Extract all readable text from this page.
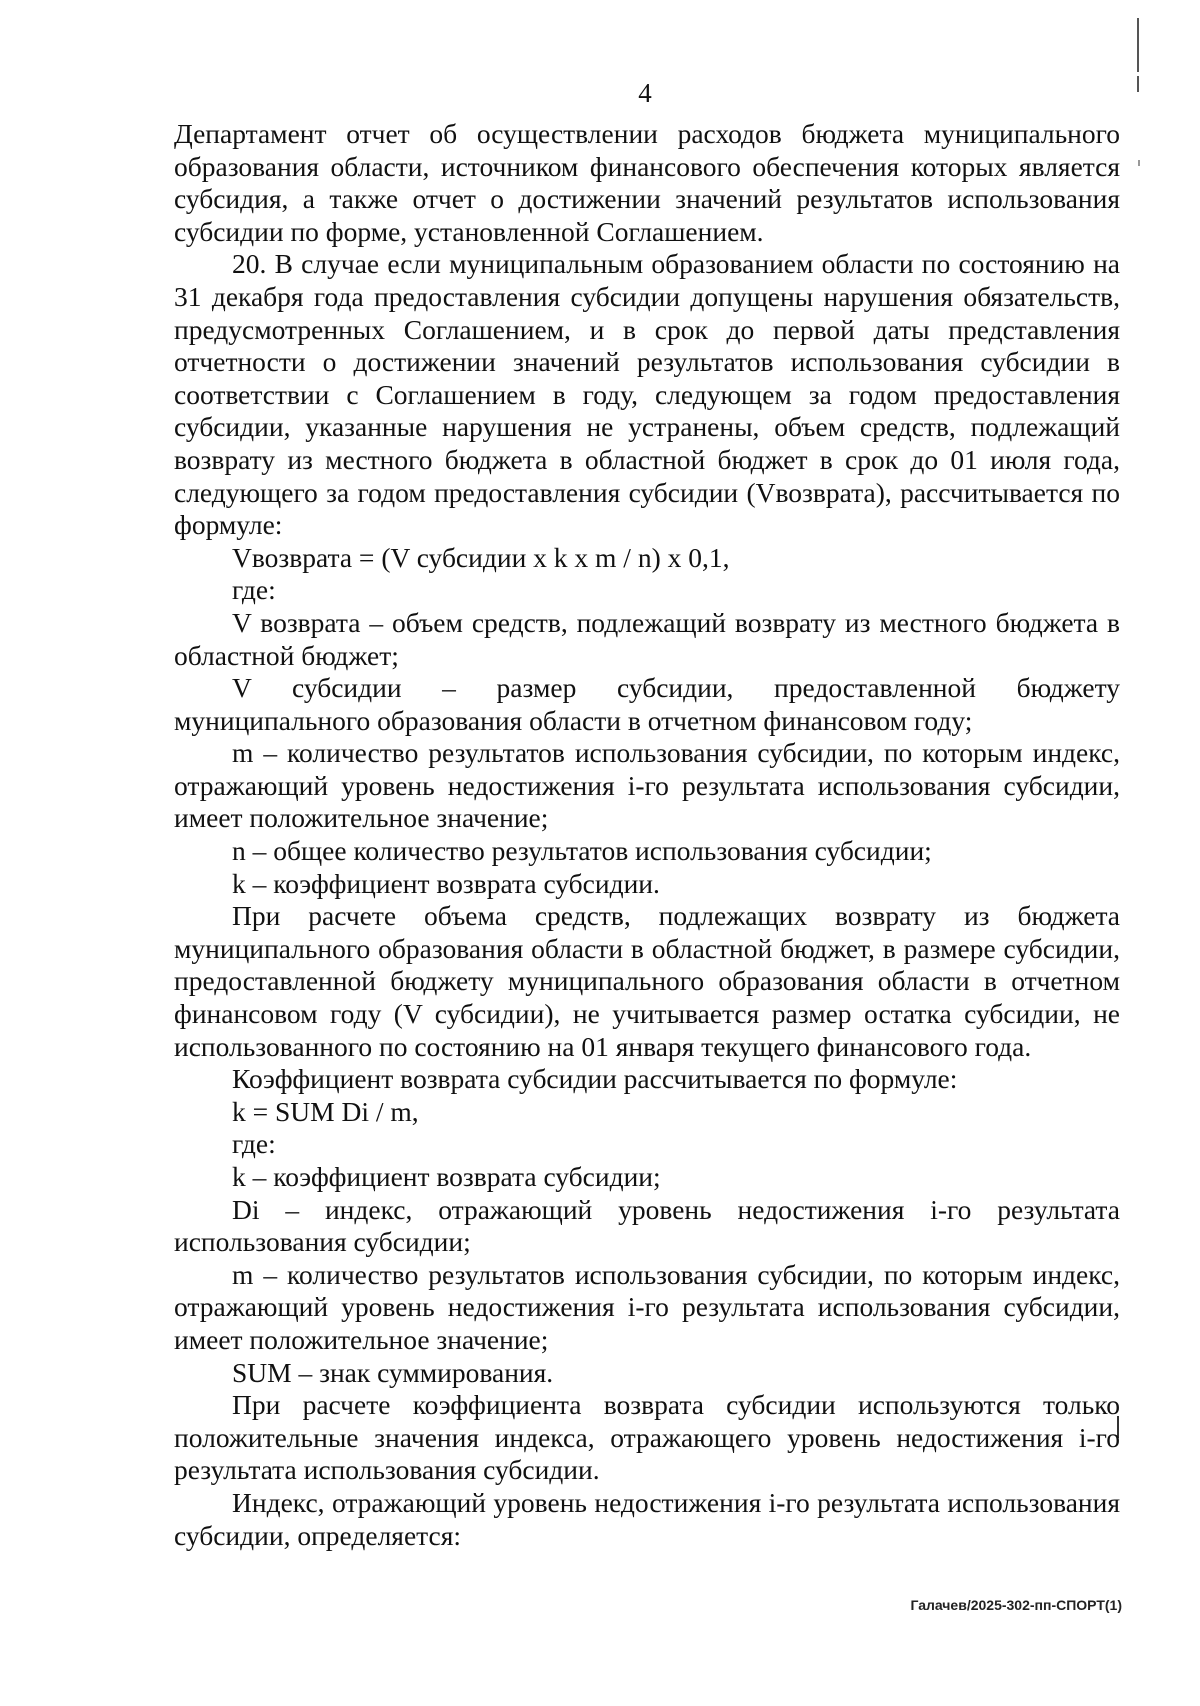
4

Департамент отчет об осуществлении расходов бюджета муниципального образования области, источником финансового обеспечения которых является субсидия, а также отчет о достижении значений результатов использования субсидии по форме, установленной Соглашением.

20. В случае если муниципальным образованием области по состоянию на 31 декабря года предоставления субсидии допущены нарушения обязательств, предусмотренных Соглашением, и в срок до первой даты представления отчетности о достижении значений результатов использования субсидии в соответствии с Соглашением в году, следующем за годом предоставления субсидии, указанные нарушения не устранены, объем средств, подлежащий возврату из местного бюджета в областной бюджет в срок до 01 июля года, следующего за годом предоставления субсидии (Vвозврата), рассчитывается по формуле:

Vвозврата = (V субсидии x k x m / n) x 0,1,

где:

V возврата – объем средств, подлежащий возврату из местного бюджета в областной бюджет;

V субсидии – размер субсидии, предоставленной бюджету муниципального образования области в отчетном финансовом году;

m – количество результатов использования субсидии, по которым индекс, отражающий уровень недостижения i-го результата использования субсидии, имеет положительное значение;

n – общее количество результатов использования субсидии;

k – коэффициент возврата субсидии.

При расчете объема средств, подлежащих возврату из бюджета муниципального образования области в областной бюджет, в размере субсидии, предоставленной бюджету муниципального образования области в отчетном финансовом году (V субсидии), не учитывается размер остатка субсидии, не использованного по состоянию на 01 января текущего финансового года.

Коэффициент возврата субсидии рассчитывается по формуле:

k = SUM Di / m,

где:

k – коэффициент возврата субсидии;

Di – индекс, отражающий уровень недостижения i-го результата использования субсидии;

m – количество результатов использования субсидии, по которым индекс, отражающий уровень недостижения i-го результата использования субсидии, имеет положительное значение;

SUM – знак суммирования.

При расчете коэффициента возврата субсидии используются только положительные значения индекса, отражающего уровень недостижения i-го результата использования субсидии.

Индекс, отражающий уровень недостижения i-го результата использования субсидии, определяется:

Галачев/2025-302-пп-СПОРТ(1)
